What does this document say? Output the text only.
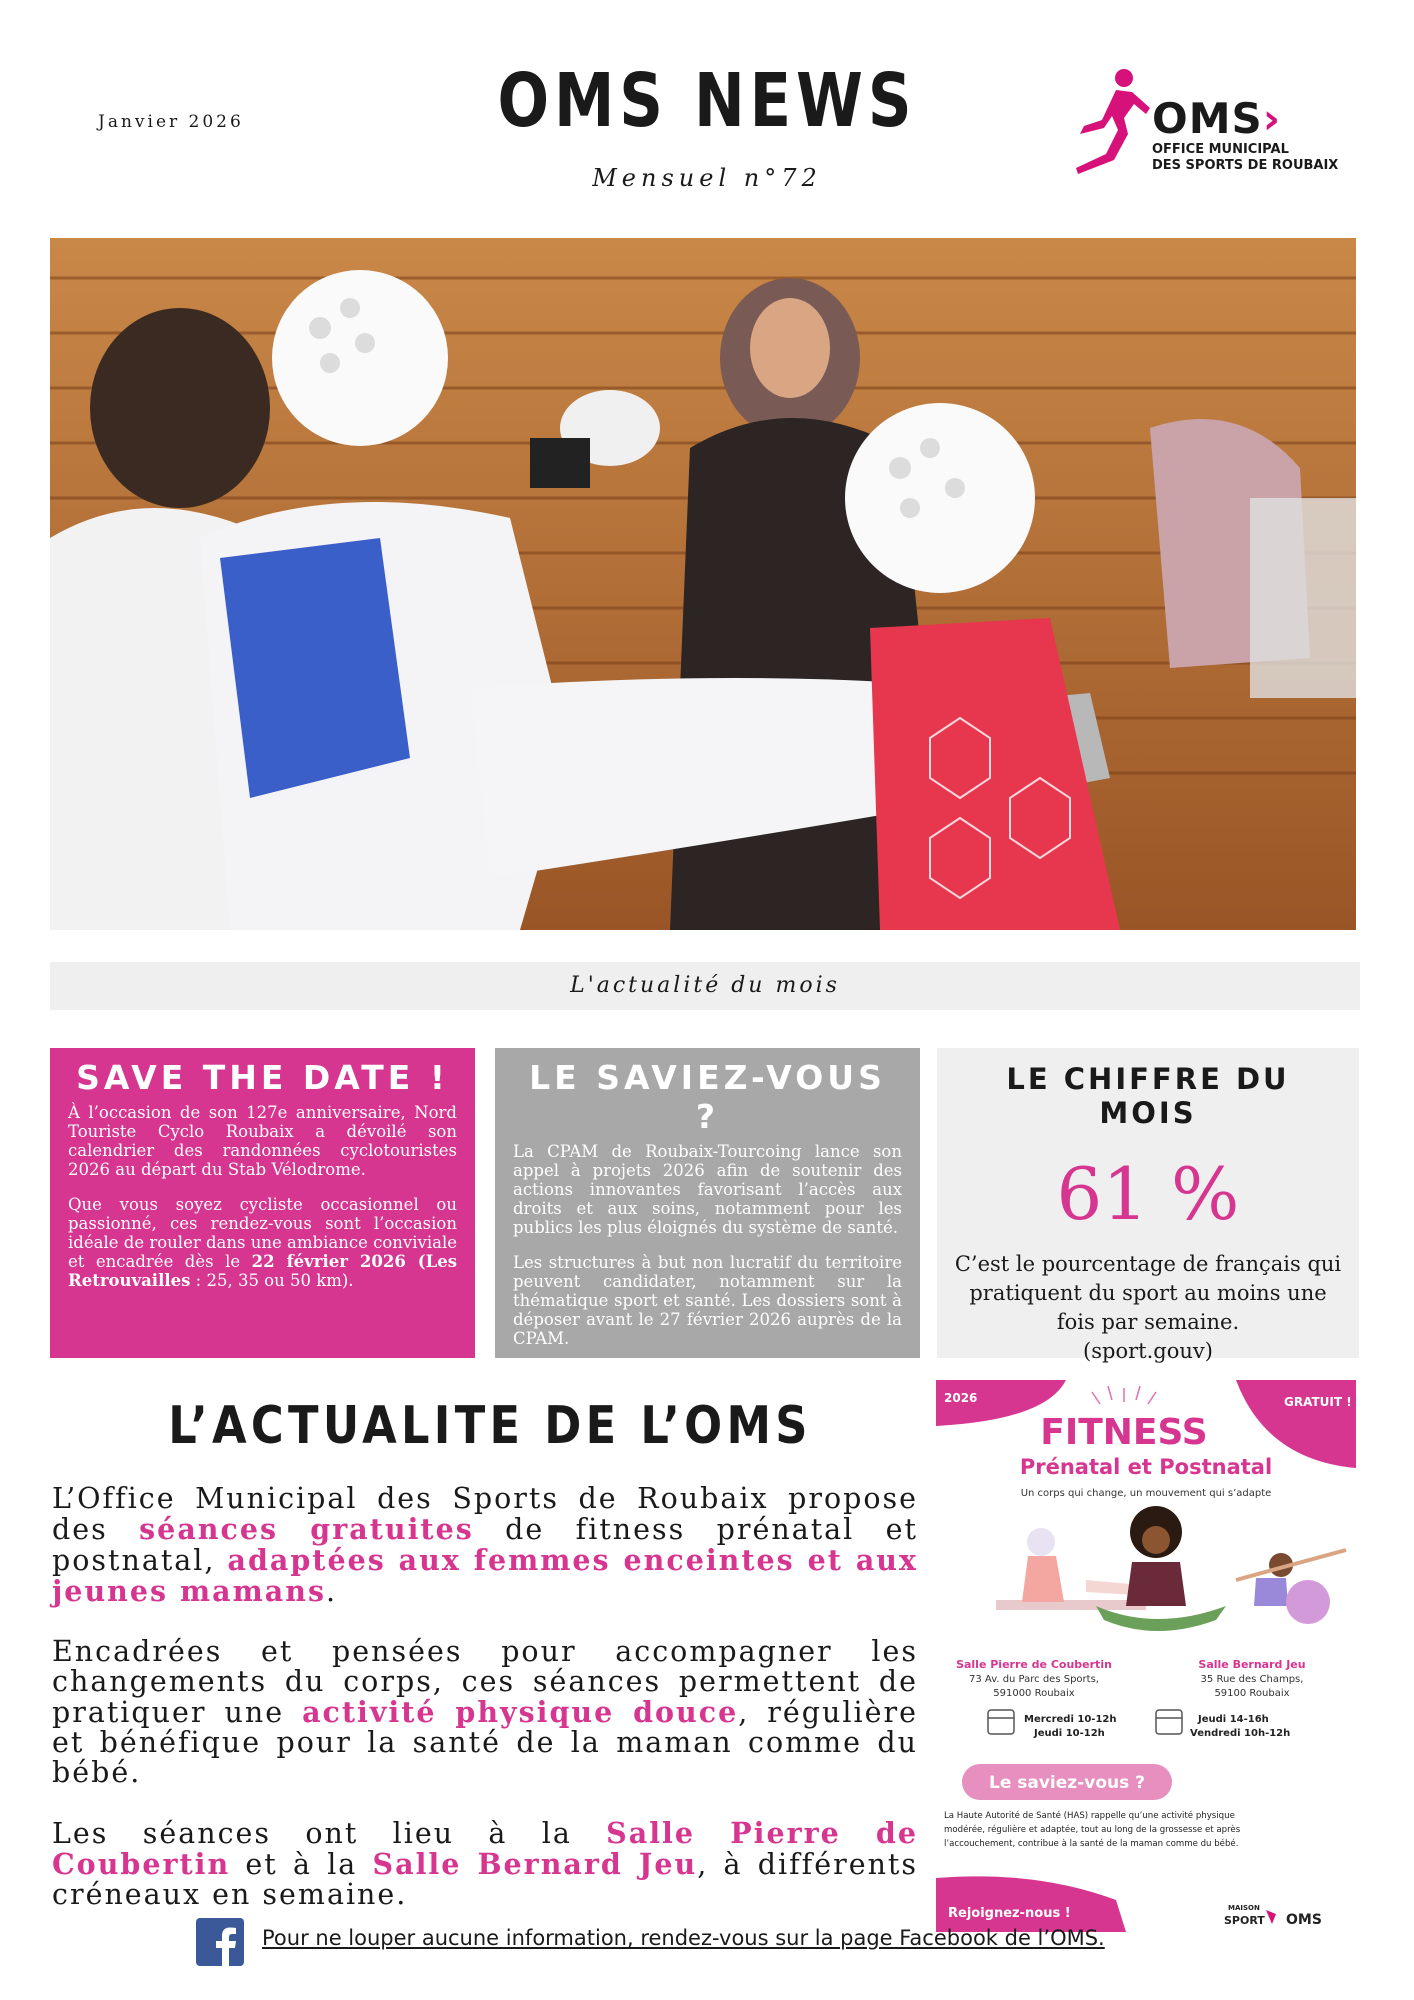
Janvier 2026	OMS NEWS
Mensuel n°72
OMS›
OFFICE MUNICIPAL
DES SPORTS DE ROUBAIX
L'actualité du mois
SAVE THE DATE !

À l’occasion de son 127e anniversaire, Nord Touriste Cyclo Roubaix a dévoilé son calendrier des randonnées cyclotouristes 2026 au départ du Stab Vélodrome.

Que vous soyez cycliste occasionnel ou passionné, ces rendez-vous sont l’occasion idéale de rouler dans une ambiance conviviale et encadrée dès le 22 février 2026 (Les Retrouvailles : 25, 35 ou 50 km).

LE SAVIEZ-VOUS ?

La CPAM de Roubaix-Tourcoing lance son appel à projets 2026 afin de soutenir des actions innovantes favorisant l’accès aux droits et aux soins, notamment pour les publics les plus éloignés du système de santé.

Les structures à but non lucratif du territoire peuvent candidater, notamment sur la thématique sport et santé. Les dossiers sont à déposer avant le 27 février 2026 auprès de la CPAM.

LE CHIFFRE DU MOIS
61 %
C’est le pourcentage de français qui pratiquent du sport au moins une fois par semaine.
(sport.gouv)
L’ACTUALITE DE L’OMS

L’Office Municipal des Sports de Roubaix propose des séances gratuites de fitness prénatal et postnatal, adaptées aux femmes enceintes et aux jeunes mamans.

Encadrées et pensées pour accompagner les changements du corps, ces séances permettent de pratiquer une activité physique douce, régulière et bénéfique pour la santé de la maman comme du bébé.

Les séances ont lieu à la Salle Pierre de Coubertin et à la Salle Bernard Jeu, à différents créneaux en semaine.

2026	GRATUIT !
FITNESS
Prénatal et Postnatal
Un corps qui change, un mouvement qui s’adapte
Salle Pierre de Coubertin
73 Av. du Parc des Sports,
591000 Roubaix
Salle Bernard Jeu
35 Rue des Champs,
59100 Roubaix
Mercredi 10-12h
Jeudi 10-12h
Jeudi 14-16h
Vendredi 10h-12h
Le saviez-vous ?
La Haute Autorité de Santé (HAS) rappelle qu’une activité physique
modérée, régulière et adaptée, tout au long de la grossesse et après
l’accouchement, contribue à la santé de la maman comme du bébé.
Rejoignez-nous !	MAISON
SPORT OMS
Pour ne louper aucune information, rendez-vous sur la page Facebook de l’OMS.
